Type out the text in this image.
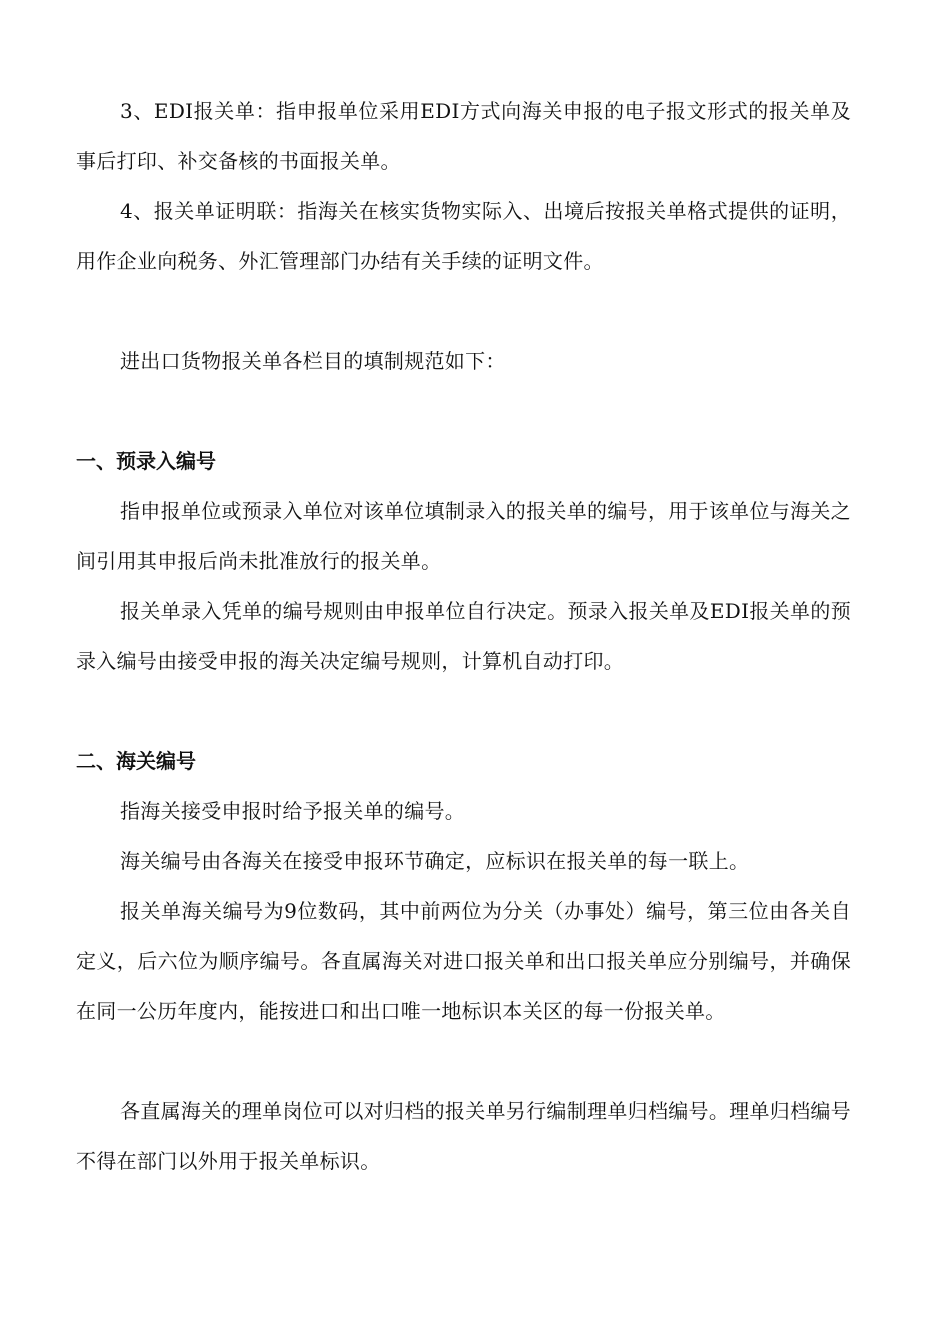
3、EDI报关单：指申报单位采用EDI方式向海关申报的电子报文形式的报关单及事后打印、补交备核的书面报关单。

4、报关单证明联：指海关在核实货物实际入、出境后按报关单格式提供的证明，用作企业向税务、外汇管理部门办结有关手续的证明文件。

进出口货物报关单各栏目的填制规范如下：

一、预录入编号

指申报单位或预录入单位对该单位填制录入的报关单的编号，用于该单位与海关之间引用其申报后尚未批准放行的报关单。

报关单录入凭单的编号规则由申报单位自行决定。预录入报关单及EDI报关单的预录入编号由接受申报的海关决定编号规则，计算机自动打印。

二、海关编号

指海关接受申报时给予报关单的编号。

海关编号由各海关在接受申报环节确定，应标识在报关单的每一联上。

报关单海关编号为9位数码，其中前两位为分关（办事处）编号，第三位由各关自定义，后六位为顺序编号。各直属海关对进口报关单和出口报关单应分别编号，并确保在同一公历年度内，能按进口和出口唯一地标识本关区的每一份报关单。

各直属海关的理单岗位可以对归档的报关单另行编制理单归档编号。理单归档编号不得在部门以外用于报关单标识。
